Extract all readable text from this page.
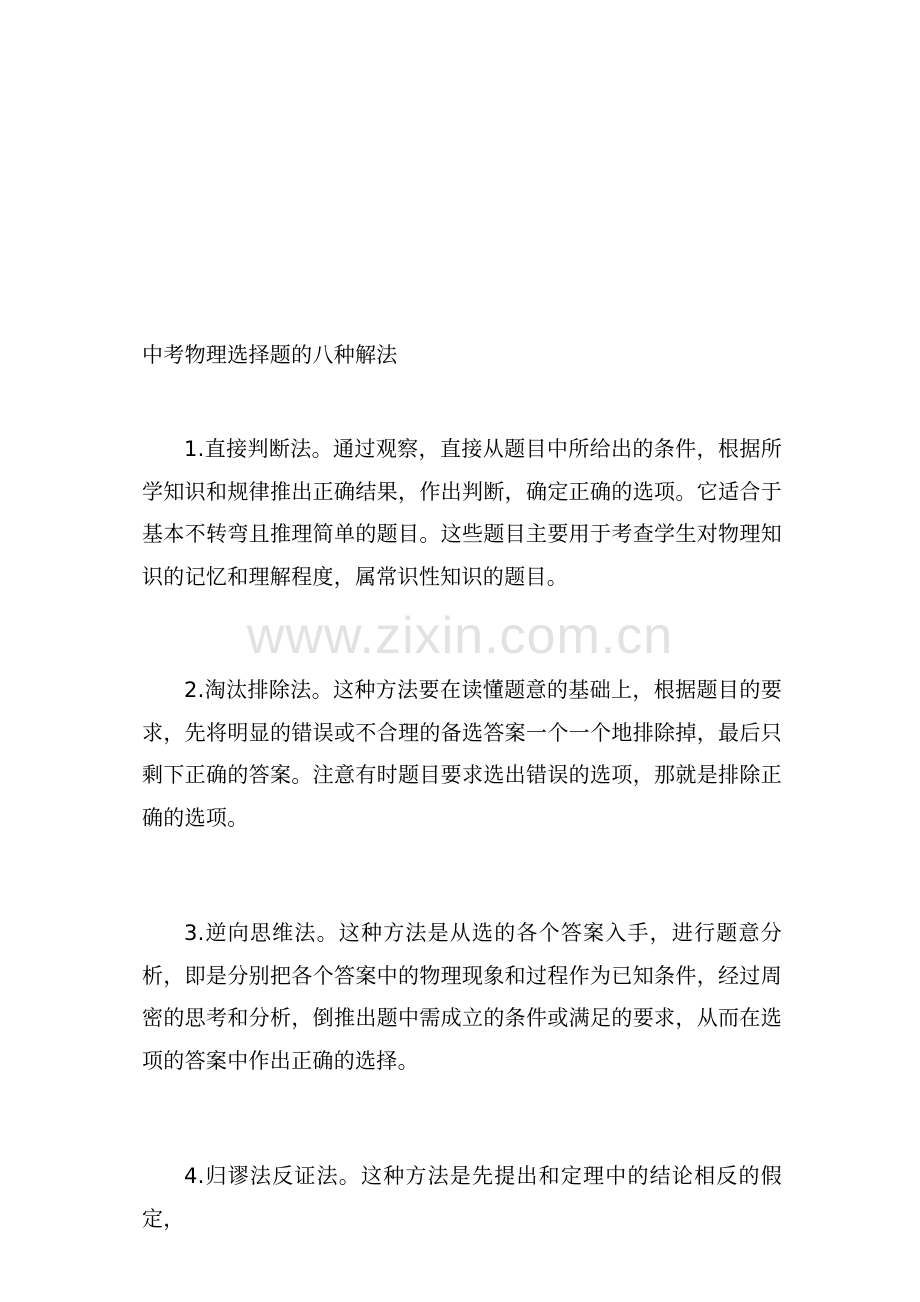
中考物理选择题的八种解法
1.直接判断法。通过观察，直接从题目中所给出的条件，根据所学知识和规律推出正确结果，作出判断，确定正确的选项。它适合于基本不转弯且推理简单的题目。这些题目主要用于考查学生对物理知识的记忆和理解程度，属常识性知识的题目。
www.zixin.com.cn
2.淘汰排除法。这种方法要在读懂题意的基础上，根据题目的要求，先将明显的错误或不合理的备选答案一个一个地排除掉，最后只剩下正确的答案。注意有时题目要求选出错误的选项，那就是排除正确的选项。
3.逆向思维法。这种方法是从选的各个答案入手，进行题意分析，即是分别把各个答案中的物理现象和过程作为已知条件，经过周密的思考和分析，倒推出题中需成立的条件或满足的要求，从而在选项的答案中作出正确的选择。
4.归谬法反证法。这种方法是先提出和定理中的结论相反的假定，
